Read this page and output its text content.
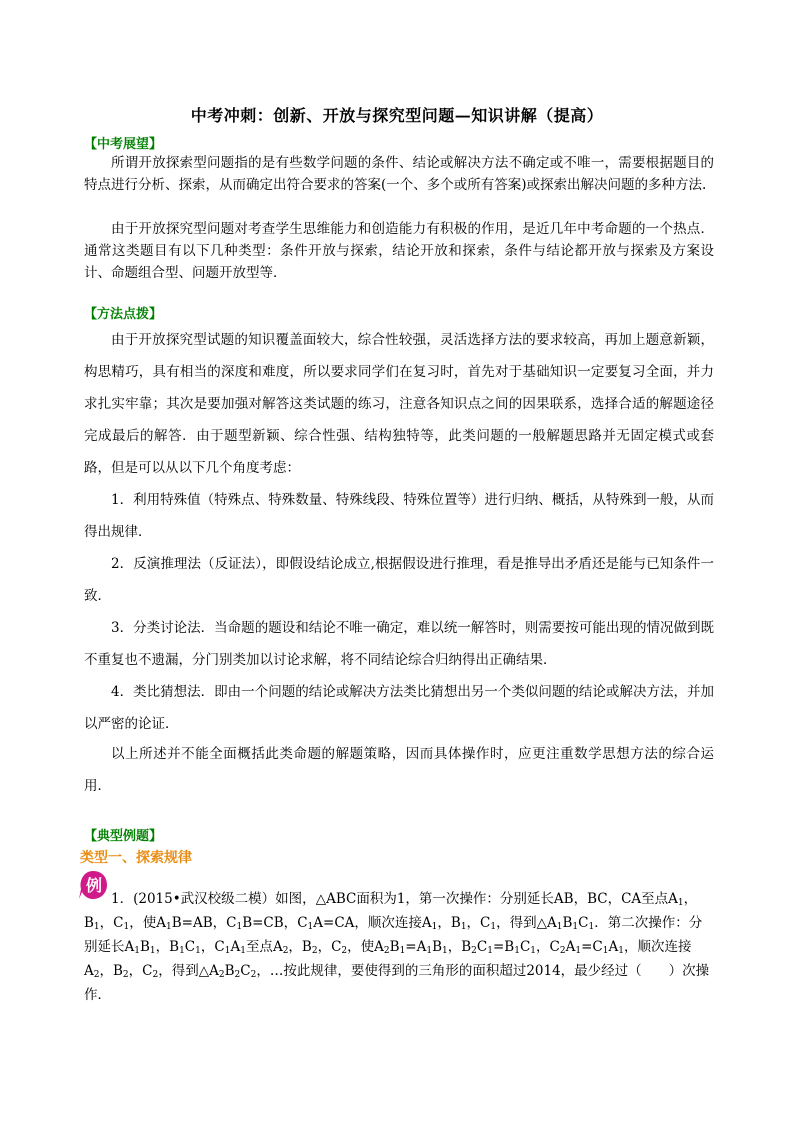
中考冲刺：创新、开放与探究型问题—知识讲解（提高）
【中考展望】
所谓开放探索型问题指的是有些数学问题的条件、结论或解决方法不确定或不唯一，需要根据题目的特点进行分析、探索，从而确定出符合要求的答案(一个、多个或所有答案)或探索出解决问题的多种方法.
由于开放探究型问题对考查学生思维能力和创造能力有积极的作用，是近几年中考命题的一个热点．通常这类题目有以下几种类型：条件开放与探索，结论开放和探索，条件与结论都开放与探索及方案设计、命题组合型、问题开放型等．
【方法点拨】
由于开放探究型试题的知识覆盖面较大，综合性较强，灵活选择方法的要求较高，再加上题意新颖，构思精巧，具有相当的深度和难度，所以要求同学们在复习时，首先对于基础知识一定要复习全面，并力求扎实牢靠；其次是要加强对解答这类试题的练习，注意各知识点之间的因果联系，选择合适的解题途径完成最后的解答．由于题型新颖、综合性强、结构独特等，此类问题的一般解题思路并无固定模式或套路，但是可以从以下几个角度考虑：
1．利用特殊值（特殊点、特殊数量、特殊线段、特殊位置等）进行归纳、概括，从特殊到一般，从而得出规律．
2．反演推理法（反证法），即假设结论成立,根据假设进行推理，看是推导出矛盾还是能与已知条件一致．
3．分类讨论法．当命题的题设和结论不唯一确定，难以统一解答时，则需要按可能出现的情况做到既不重复也不遗漏，分门别类加以讨论求解，将不同结论综合归纳得出正确结果．
4．类比猜想法．即由一个问题的结论或解决方法类比猜想出另一个类似问题的结论或解决方法，并加以严密的论证．
以上所述并不能全面概括此类命题的解题策略，因而具体操作时，应更注重数学思想方法的综合运用．
【典型例题】
类型一、探索规律
例
1．(2015•武汉校级二模）如图，△ABC面积为1，第一次操作：分别延长AB，BC，CA至点$A_1$，$B_1$，$C_1$，使$A_1B=AB$，$C_1B=CB$，$C_1A=CA$，顺次连接$A_1$，$B_1$，$C_1$，得到$\triangle A_1B_1C_1$．第二次操作：分别延长$A_1B_1$，$B_1C_1$，$C_1A_1$至点$A_2$，$B_2$，$C_2$，使$A_2B_1=A_1B_1$，$B_2C_1=B_1C_1$，$C_2A_1=C_1A_1$，顺次连接$A_2$，$B_2$，$C_2$，得到$\triangle A_2B_2C_2$，…按此规律，要使得到的三角形的面积超过2014，最少经过（　　）次操作．
